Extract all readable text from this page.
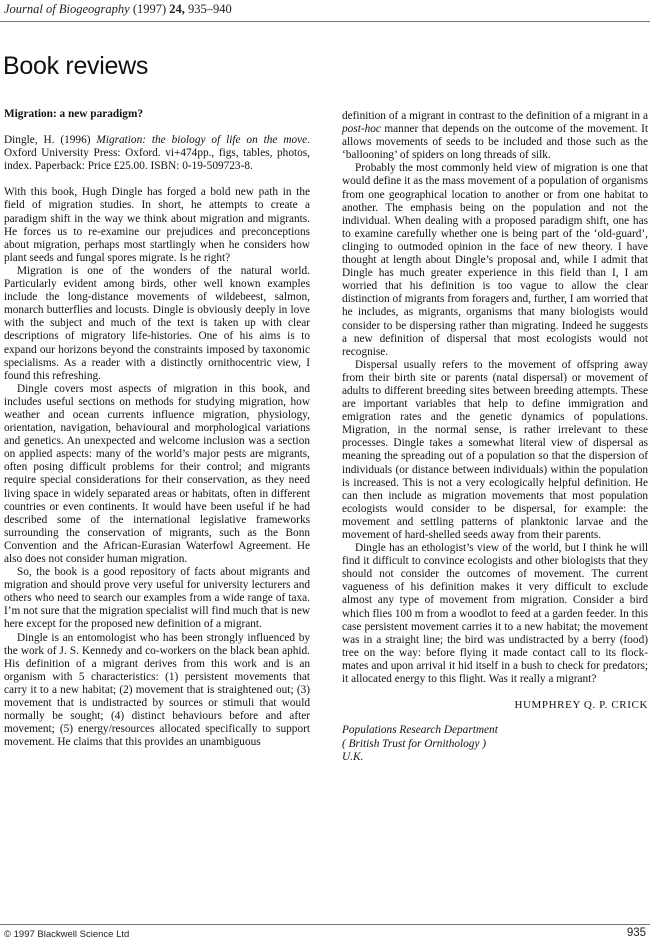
Journal of Biogeography (1997) 24, 935–940
Book reviews

Migration: a new paradigm?

Dingle, H. (1996) Migration: the biology of life on the move. Oxford University Press: Oxford. vi+474pp., figs, tables, photos, index. Paperback: Price £25.00. ISBN: 0-19-509723-8.

With this book, Hugh Dingle has forged a bold new path in the field of migration studies. In short, he attempts to create a paradigm shift in the way we think about migration and migrants. He forces us to re-examine our prejudices and preconceptions about migration, perhaps most startlingly when he considers how plant seeds and fungal spores migrate. Is he right?

Migration is one of the wonders of the natural world. Particularly evident among birds, other well known examples include the long-distance movements of wildebeest, salmon, monarch butterflies and locusts. Dingle is obviously deeply in love with the subject and much of the text is taken up with clear descriptions of migratory life-histories. One of his aims is to expand our horizons beyond the constraints imposed by taxonomic specialisms. As a reader with a distinctly ornithocentric view, I found this refreshing.

Dingle covers most aspects of migration in this book, and includes useful sections on methods for studying migration, how weather and ocean currents influence migration, physiology, orientation, navigation, behavioural and morphological variations and genetics. An unexpected and welcome inclusion was a section on applied aspects: many of the world’s major pests are migrants, often posing difficult problems for their control; and migrants require special considerations for their conservation, as they need living space in widely separated areas or habitats, often in different countries or even continents. It would have been useful if he had described some of the international legislative frameworks surrounding the conservation of migrants, such as the Bonn Convention and the African-Eurasian Waterfowl Agreement. He also does not consider human migration.

So, the book is a good repository of facts about migrants and migration and should prove very useful for university lecturers and others who need to search our examples from a wide range of taxa. I’m not sure that the migration specialist will find much that is new here except for the proposed new definition of a migrant.

Dingle is an entomologist who has been strongly influenced by the work of J. S. Kennedy and co-workers on the black bean aphid. His definition of a migrant derives from this work and is an organism with 5 characteristics: (1) persistent movements that carry it to a new habitat; (2) movement that is straightened out; (3) movement that is undistracted by sources or stimuli that would normally be sought; (4) distinct behaviours before and after movement; (5) energy/resources allocated specifically to support movement. He claims that this provides an unambiguous

definition of a migrant in contrast to the definition of a migrant in a post-hoc manner that depends on the outcome of the movement. It allows movements of seeds to be included and those such as the ‘ballooning’ of spiders on long threads of silk.

Probably the most commonly held view of migration is one that would define it as the mass movement of a population of organisms from one geographical location to another or from one habitat to another. The emphasis being on the population and not the individual. When dealing with a proposed paradigm shift, one has to examine carefully whether one is being part of the ‘old-guard’, clinging to outmoded opinion in the face of new theory. I have thought at length about Dingle’s proposal and, while I admit that Dingle has much greater experience in this field than I, I am worried that his definition is too vague to allow the clear distinction of migrants from foragers and, further, I am worried that he includes, as migrants, organisms that many biologists would consider to be dispersing rather than migrating. Indeed he suggests a new definition of dispersal that most ecologists would not recognise.

Dispersal usually refers to the movement of offspring away from their birth site or parents (natal dispersal) or movement of adults to different breeding sites between breeding attempts. These are important variables that help to define immigration and emigration rates and the genetic dynamics of populations. Migration, in the normal sense, is rather irrelevant to these processes. Dingle takes a somewhat literal view of dispersal as meaning the spreading out of a population so that the dispersion of individuals (or distance between individuals) within the population is increased. This is not a very ecologically helpful definition. He can then include as migration movements that most population ecologists would consider to be dispersal, for example: the movement and settling patterns of planktonic larvae and the movement of hard-shelled seeds away from their parents.

Dingle has an ethologist’s view of the world, but I think he will find it difficult to convince ecologists and other biologists that they should not consider the outcomes of movement. The current vagueness of his definition makes it very difficult to exclude almost any type of movement from migration. Consider a bird which flies 100 m from a woodlot to feed at a garden feeder. In this case persistent movement carries it to a new habitat; the movement was in a straight line; the bird was undistracted by a berry (food) tree on the way: before flying it made contact call to its flock-mates and upon arrival it hid itself in a bush to check for predators; it allocated energy to this flight. Was it really a migrant?

HUMPHREY Q. P. CRICK

Populations Research Department
( British Trust for Ornithology )
U.K.
© 1997 Blackwell Science Ltd	935
